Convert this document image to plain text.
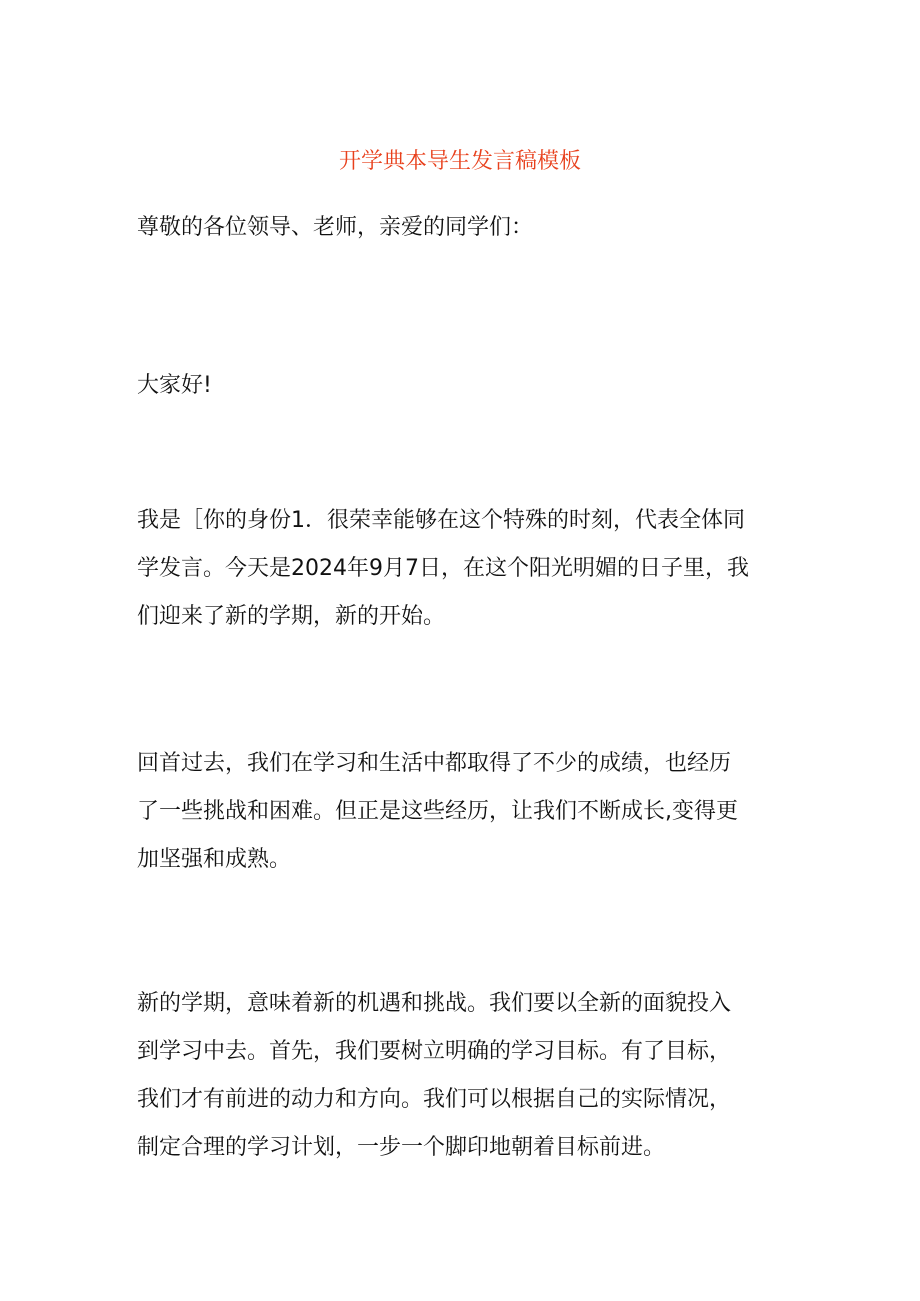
开学典本导生发言稿模板

尊敬的各位领导、老师，亲爱的同学们：

大家好!

我是［你的身份1．很荣幸能够在这个特殊的时刻，代表全体同
学发言。今天是2024年9月7日，在这个阳光明媚的日子里，我
们迎来了新的学期，新的开始。

回首过去，我们在学习和生活中都取得了不少的成绩，也经历
了一些挑战和困难。但正是这些经历，让我们不断成长,变得更
加坚强和成熟。

新的学期，意味着新的机遇和挑战。我们要以全新的面貌投入
到学习中去。首先，我们要树立明确的学习目标。有了目标，
我们才有前进的动力和方向。我们可以根据自己的实际情况，
制定合理的学习计划，一步一个脚印地朝着目标前进。
